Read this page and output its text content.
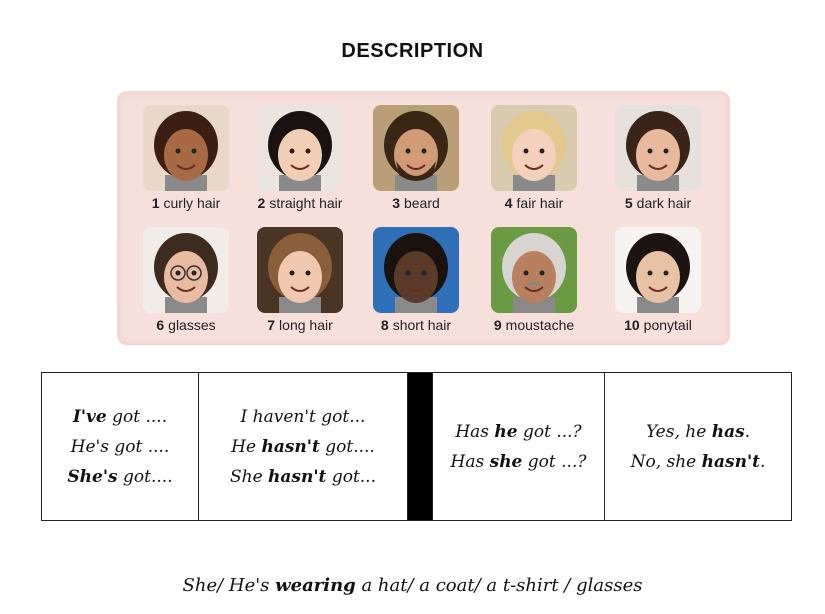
DESCRIPTION
1 curly hair	2 straight hair	3 beard	4 fair hair	5 dark hair
6 glasses	7 long hair	8 short hair	9 moustache	10 ponytail
I've got ....
He's got ....
She's got....
I haven't got...
He hasn't got....
She hasn't got...
Has he got ...?
Has she got ...?
Yes, he has.
No, she hasn't.
She/ He's wearing a hat/ a coat/ a t-shirt / glasses
